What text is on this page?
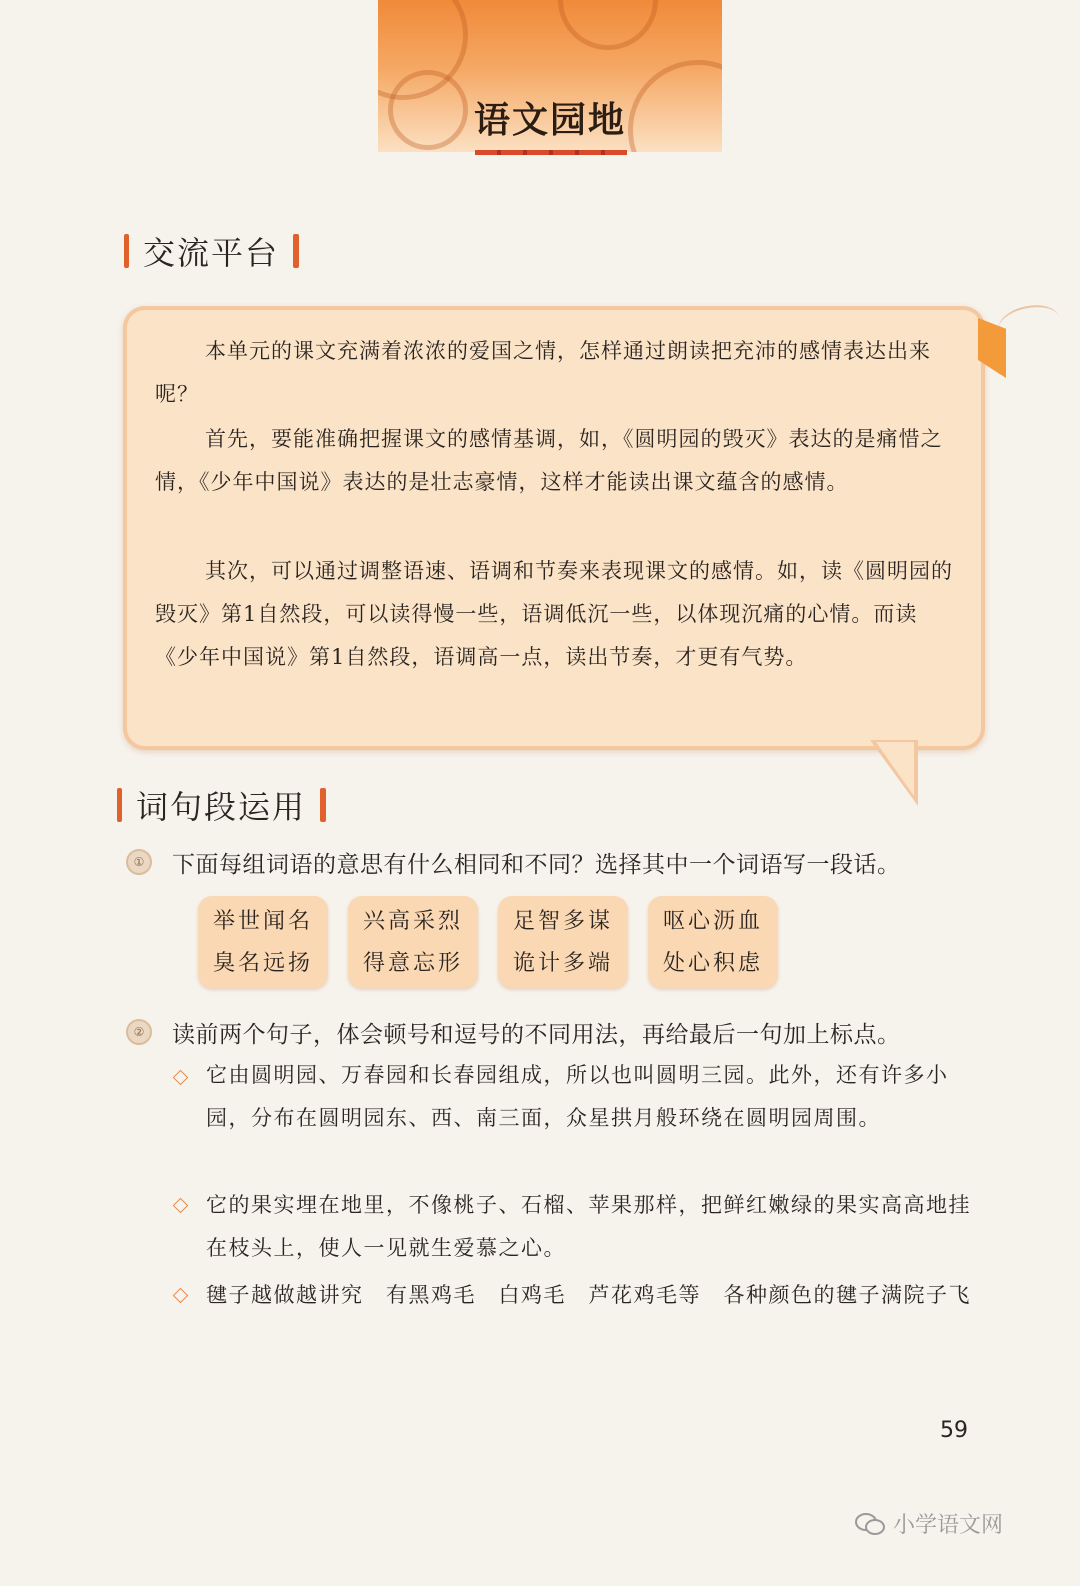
语文园地
交流平台

本单元的课文充满着浓浓的爱国之情，怎样通过朗读把充沛的感情表达出来呢？

首先，要能准确把握课文的感情基调，如，《圆明园的毁灭》表达的是痛惜之情，《少年中国说》表达的是壮志豪情，这样才能读出课文蕴含的感情。

其次，可以通过调整语速、语调和节奏来表现课文的感情。如，读《圆明园的毁灭》第1自然段，可以读得慢一些，语调低沉一些，以体现沉痛的心情。而读《少年中国说》第1自然段，语调高一点，读出节奏，才更有气势。

词句段运用
①	下面每组词语的意思有什么相同和不同？选择其中一个词语写一段话。

举世闻名
臭名远扬
兴高采烈
得意忘形
足智多谋
诡计多端
呕心沥血
处心积虑
②	读前两个句子，体会顿号和逗号的不同用法，再给最后一句加上标点。

它由圆明园、万春园和长春园组成，所以也叫圆明三园。此外，还有许多小园，分布在圆明园东、西、南三面，众星拱月般环绕在圆明园周围。

它的果实埋在地里，不像桃子、石榴、苹果那样，把鲜红嫩绿的果实高高地挂在枝头上，使人一见就生爱慕之心。

毽子越做越讲究　有黑鸡毛　白鸡毛　芦花鸡毛等　各种颜色的毽子满院子飞

59
小学语文网
